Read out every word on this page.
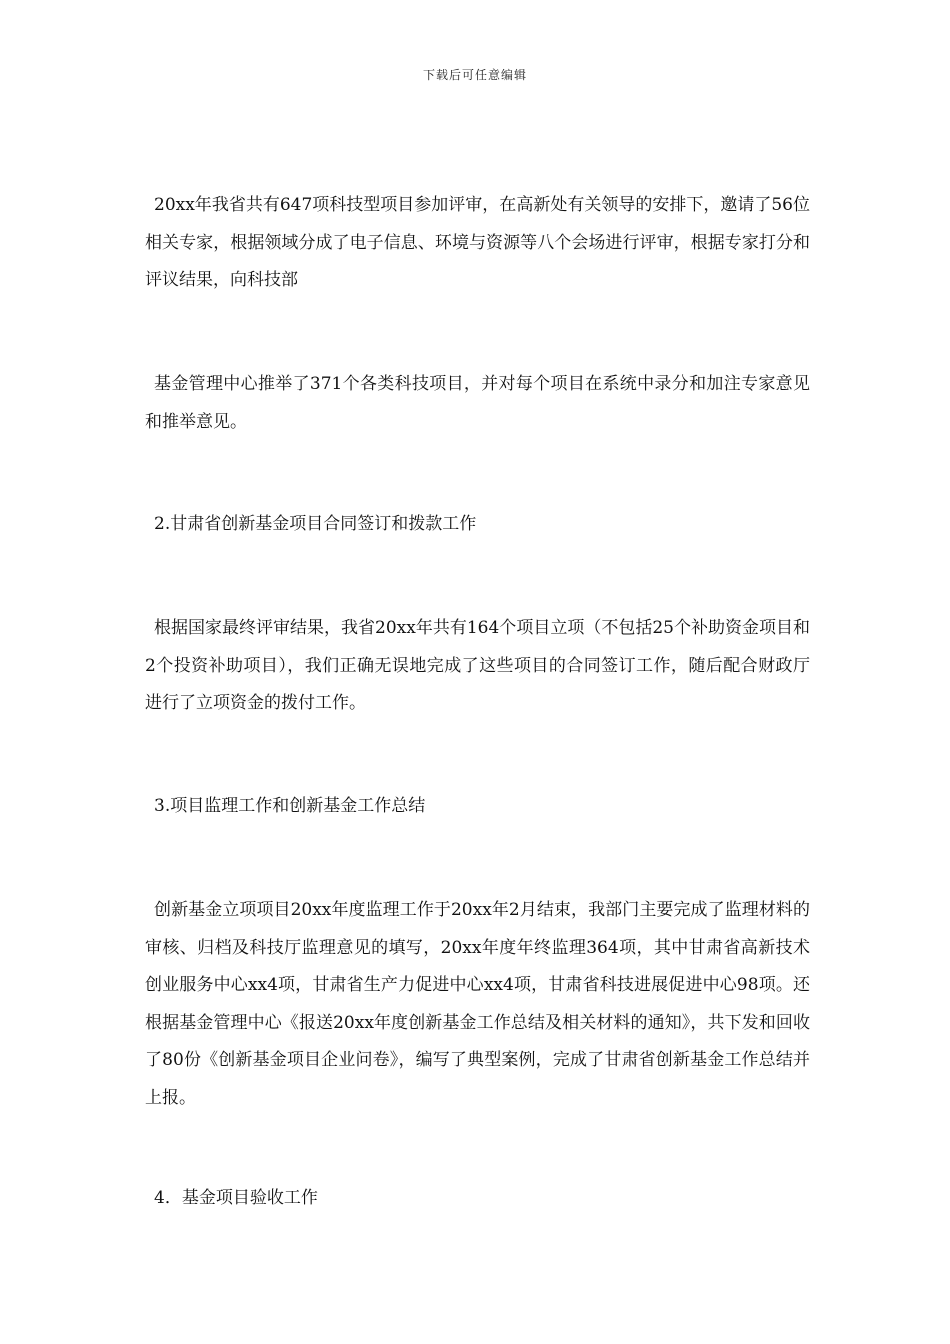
下载后可任意编辑
20xx年我省共有647项科技型项目参加评审，在高新处有关领导的安排下，邀请了56位相关专家，根据领域分成了电子信息、环境与资源等八个会场进行评审，根据专家打分和评议结果，向科技部
基金管理中心推举了371个各类科技项目，并对每个项目在系统中录分和加注专家意见和推举意见。
2.甘肃省创新基金项目合同签订和拨款工作
根据国家最终评审结果，我省20xx年共有164个项目立项（不包括25个补助资金项目和2个投资补助项目），我们正确无误地完成了这些项目的合同签订工作，随后配合财政厅进行了立项资金的拨付工作。
3.项目监理工作和创新基金工作总结
创新基金立项项目20xx年度监理工作于20xx年2月结束，我部门主要完成了监理材料的审核、归档及科技厅监理意见的填写，20xx年度年终监理364项，其中甘肃省高新技术创业服务中心xx4项，甘肃省生产力促进中心xx4项，甘肃省科技进展促进中心98项。还根据基金管理中心《报送20xx年度创新基金工作总结及相关材料的通知》，共下发和回收了80份《创新基金项目企业问卷》，编写了典型案例，完成了甘肃省创新基金工作总结并上报。
4．基金项目验收工作
